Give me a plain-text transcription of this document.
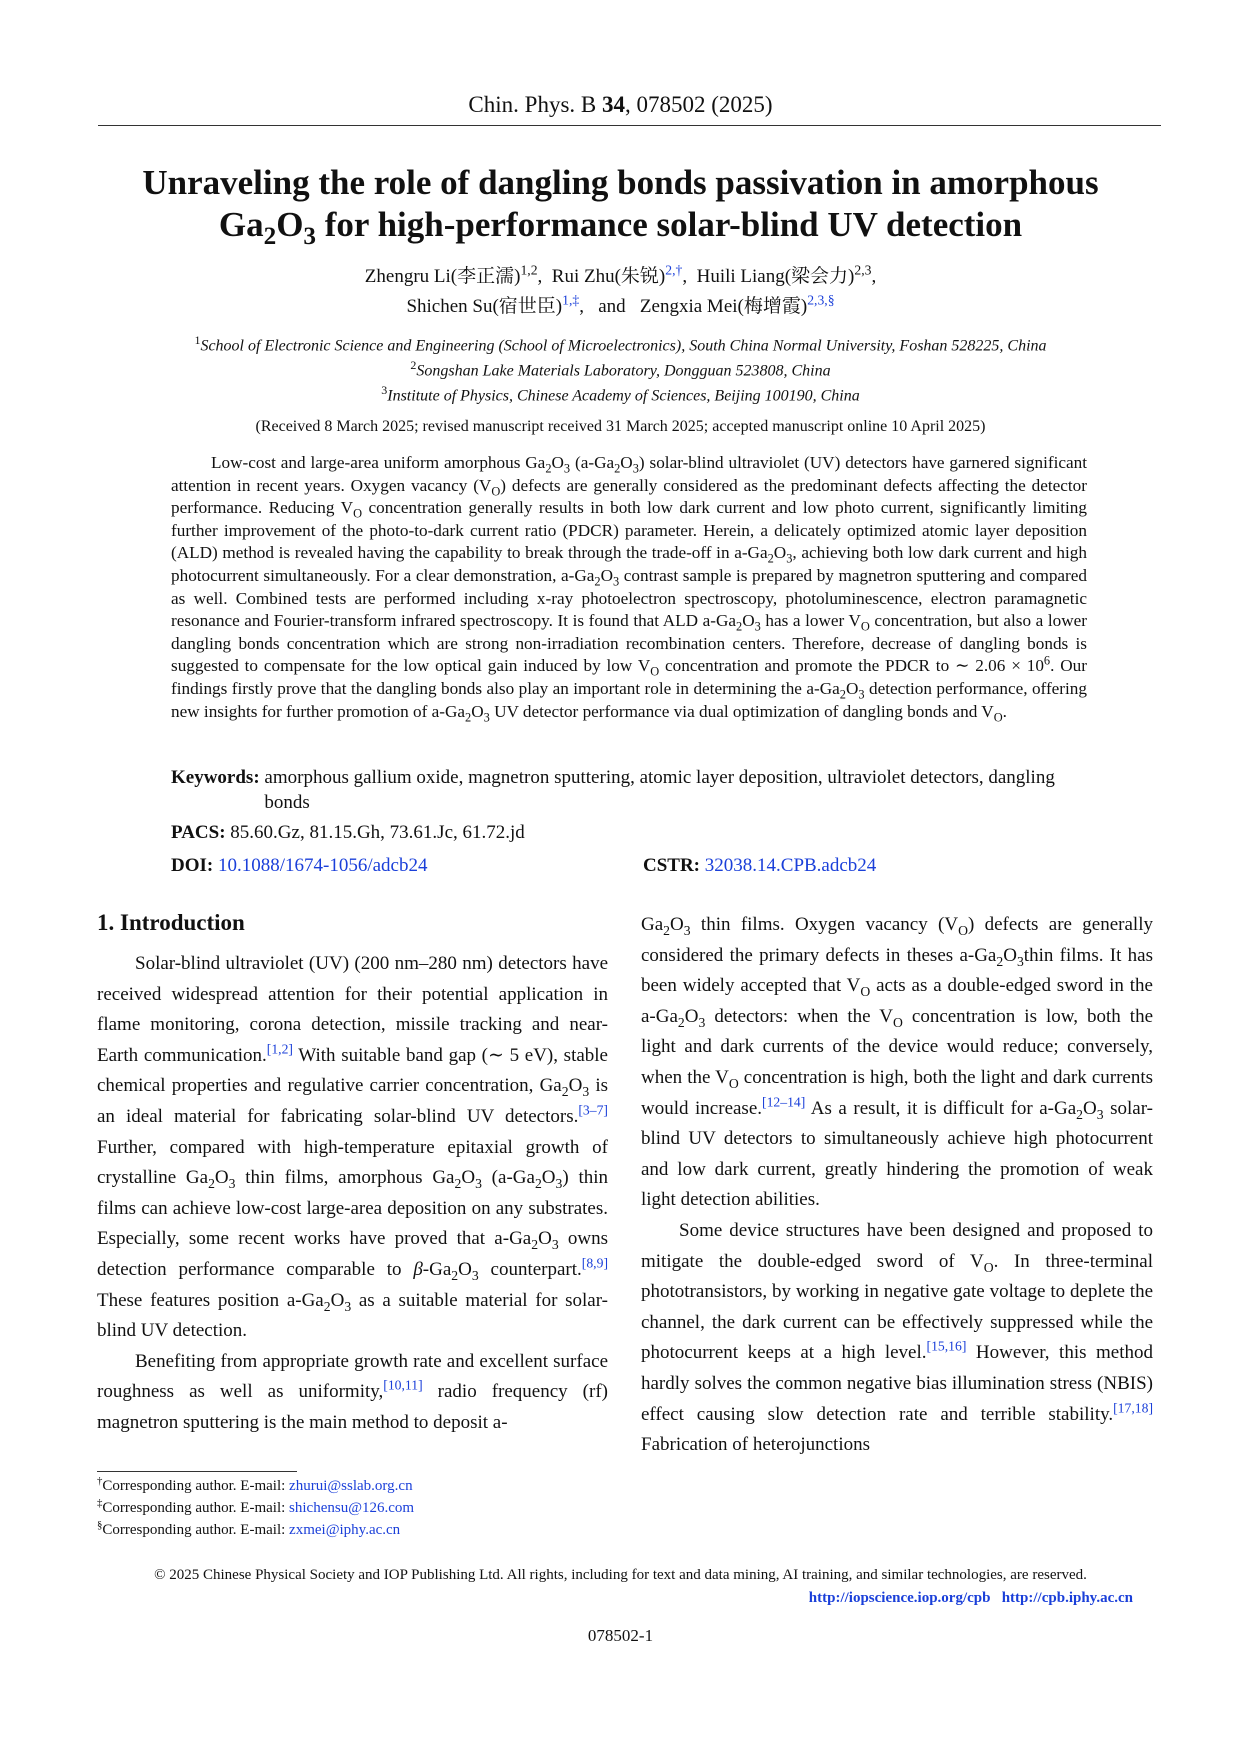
Chin. Phys. B 34, 078502 (2025)
Unraveling the role of dangling bonds passivation in amorphous
$Ga_2O_3$ for high-performance solar-blind UV detection
Zhengru Li(李正濡)$^{1,2}$,  Rui Zhu(朱锐)$^{2,\dagger}$,  Huili Liang(梁会力)$^{2,3}$,
Shichen Su(宿世臣)$^{1,\ddagger}$,   and Zengxia Mei(梅增霞)$^{2,3,\S}$
$^1$School of Electronic Science and Engineering (School of Microelectronics), South China Normal University, Foshan 528225, China
$^2$Songshan Lake Materials Laboratory, Dongguan 523808, China
$^3$Institute of Physics, Chinese Academy of Sciences, Beijing 100190, China
(Received 8 March 2025; revised manuscript received 31 March 2025; accepted manuscript online 10 April 2025)
Low-cost and large-area uniform amorphous $Ga_2O_3$ $(a-Ga_2O_3)$ solar-blind ultraviolet (UV) detectors have garnered significant attention in recent years. Oxygen vacancy $(V_O)$ defects are generally considered as the predominant defects affecting the detector performance. Reducing $V_O$ concentration generally results in both low dark current and low photo current, significantly limiting further improvement of the photo-to-dark current ratio (PDCR) parameter. Herein, a delicately optimized atomic layer deposition (ALD) method is revealed having the capability to break through the trade-off in $a-Ga_2O_3$, achieving both low dark current and high photocurrent simultaneously. For a clear demonstration, $a-Ga_2O_3$ contrast sample is prepared by magnetron sputtering and compared as well. Combined tests are performed including x-ray photoelectron spectroscopy, photoluminescence, electron paramagnetic resonance and Fourier-transform infrared spectroscopy. It is found that ALD $a-Ga_2O_3$ has a lower $V_O$ concentration, but also a lower dangling bonds concentration which are strong non-irradiation recombination centers. Therefore, decrease of dangling bonds is suggested to compensate for the low optical gain induced by low $V_O$ concentration and promote the PDCR to ∼ $2.06 \times 10^6$. Our findings firstly prove that the dangling bonds also play an important role in determining the $a-Ga_2O_3$ detection performance, offering new insights for further promotion of $a-Ga_2O_3$ UV detector performance via dual optimization of dangling bonds and $V_O$.
Keywords: amorphous gallium oxide, magnetron sputtering, atomic layer deposition, ultraviolet detectors, dangling bonds
PACS: 85.60.Gz, 81.15.Gh, 73.61.Jc, 61.72.jd
DOI: 10.1088/1674-1056/adcb24	CSTR: 32038.14.CPB.adcb24
1. Introduction

Solar-blind ultraviolet (UV) (200 nm–280 nm) detectors have received widespread attention for their potential application in flame monitoring, corona detection, missile tracking and near-Earth communication.[1,2] With suitable band gap (∼ 5 eV), stable chemical properties and regulative carrier concentration, $Ga_2O_3$ is an ideal material for fabricating solar-blind UV detectors.[3–7] Further, compared with high-temperature epitaxial growth of crystalline $Ga_2O_3$ thin films, amorphous $Ga_2O_3$ $(a-Ga_2O_3)$ thin films can achieve low-cost large-area deposition on any substrates. Especially, some recent works have proved that $a-Ga_2O_3$ owns detection performance comparable to $\beta-Ga_2O_3$ counterpart.[8,9] These features position $a-Ga_2O_3$ as a suitable material for solar-blind UV detection.

Benefiting from appropriate growth rate and excellent surface roughness as well as uniformity,[10,11] radio frequency (rf) magnetron sputtering is the main method to deposit a-

$Ga_2O_3$ thin films. Oxygen vacancy $(V_O)$ defects are generally considered the primary defects in theses $a-Ga_2O_3thin$ films. It has been widely accepted that $V_O$ acts as a double-edged sword in the $a-Ga_2O_3$ detectors: when the $V_O$ concentration is low, both the light and dark currents of the device would reduce; conversely, when the $V_O$ concentration is high, both the light and dark currents would increase.[12–14] As a result, it is difficult for $a-Ga_2O_3$ solar-blind UV detectors to simultaneously achieve high photocurrent and low dark current, greatly hindering the promotion of weak light detection abilities.

Some device structures have been designed and proposed to mitigate the double-edged sword of $V_O$. In three-terminal phototransistors, by working in negative gate voltage to deplete the channel, the dark current can be effectively suppressed while the photocurrent keeps at a high level.[15,16] However, this method hardly solves the common negative bias illumination stress (NBIS) effect causing slow detection rate and terrible stability.[17,18] Fabrication of heterojunctions

†Corresponding author. E-mail: zhurui@sslab.org.cn
‡Corresponding author. E-mail: shichensu@126.com
§Corresponding author. E-mail: zxmei@iphy.ac.cn
© 2025 Chinese Physical Society and IOP Publishing Ltd. All rights, including for text and data mining, AI training, and similar technologies, are reserved.
http://iopscience.iop.org/cpb http://cpb.iphy.ac.cn
078502-1
